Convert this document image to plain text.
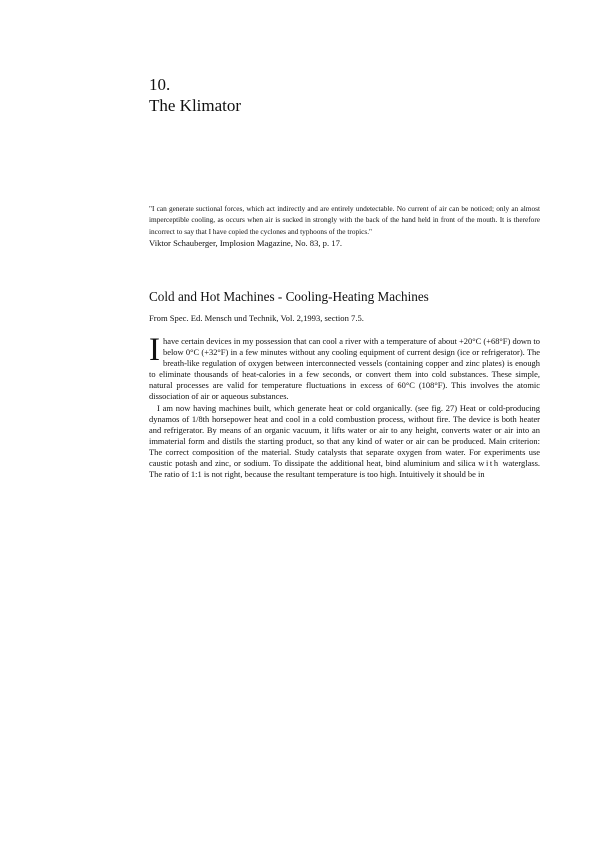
10.
The Klimator

"I can generate suctional forces, which act indirectly and are entirely undetectable. No current of air can be noticed; only an almost imperceptible cooling, as occurs when air is sucked in strongly with the back of the hand held in front of the mouth. It is therefore incorrect to say that I have copied the cyclones and typhoons of the tropics."

Viktor Schauberger, Implosion Magazine, No. 83, p. 17.
Cold and Hot Machines - Cooling-Heating Machines
From Spec. Ed. Mensch und Technik, Vol. 2,1993, section 7.5.

Ihave certain devices in my possession that can cool a river with a temperature of about +20°C (+68°F) down to below 0°C (+32°F) in a few minutes without any cooling equipment of current design (ice or refrigerator). The breath-like regulation of oxygen between interconnected vessels (containing copper and zinc plates) is enough to eliminate thousands of heat-calories in a few seconds, or convert them into cold substances. These simple, natural processes are valid for temperature fluctuations in excess of 60°C (108°F). This involves the atomic dissociation of air or aqueous substances.

I am now having machines built, which generate heat or cold organically. (see fig. 27) Heat or cold-producing dynamos of 1/8th horsepower heat and cool in a cold combustion process, without fire. The device is both heater and refrigerator. By means of an organic vacuum, it lifts water or air to any height, converts water or air into an immaterial form and distils the starting product, so that any kind of water or air can be produced. Main criterion: The correct composition of the material. Study catalysts that separate oxygen from water. For experiments use caustic potash and zinc, or sodium. To dissipate the additional heat, bind aluminium and silica with waterglass. The ratio of 1:1 is not right, because the resultant temperature is too high. Intuitively it should be in
